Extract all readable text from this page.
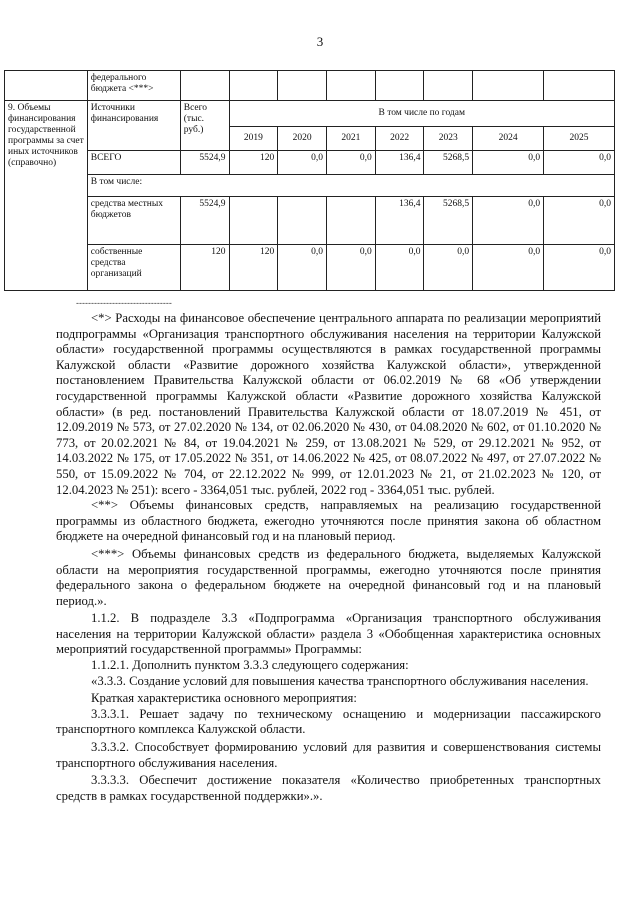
3
	федерального бюджета <***>								
9. Объемы финансирования государственной программы за счет иных источников (справочно)	Источники финансирования	Всего (тыс. руб.)	В том числе по годам						
			2019	2020	2021	2022	2023	2024	2025
	ВСЕГО	5524,9	120	0,0	0,0	136,4	5268,5	0,0	0,0
	В том числе:								
	средства местных бюджетов	5524,9				136,4	5268,5	0,0	0,0
	собственные средства организаций	120	120	0,0	0,0	0,0	0,0	0,0	0,0
--------------------------------

<*> Расходы на финансовое обеспечение центрального аппарата по реализации мероприятий подпрограммы «Организация транспортного обслуживания населения на территории Калужской области» государственной программы осуществляются в рамках государственной программы Калужской области «Развитие дорожного хозяйства Калужской области», утвержденной постановлением Правительства Калужской области от 06.02.2019 № 68 «Об утверждении государственной программы Калужской области «Развитие дорожного хозяйства Калужской области» (в ред. постановлений Правительства Калужской области от 18.07.2019 № 451, от 12.09.2019 № 573, от 27.02.2020 № 134, от 02.06.2020 № 430, от 04.08.2020 № 602, от 01.10.2020 № 773, от 20.02.2021 № 84, от 19.04.2021 № 259, от 13.08.2021 № 529, от 29.12.2021 № 952, от 14.03.2022 № 175, от 17.05.2022 № 351, от 14.06.2022 № 425, от 08.07.2022 № 497, от 27.07.2022 № 550, от 15.09.2022 № 704, от 22.12.2022 № 999, от 12.01.2023 № 21, от 21.02.2023 № 120, от 12.04.2023 № 251): всего - 3364,051 тыс. рублей, 2022 год - 3364,051 тыс. рублей.

<**> Объемы финансовых средств, направляемых на реализацию государственной программы из областного бюджета, ежегодно уточняются после принятия закона об областном бюджете на очередной финансовый год и на плановый период.

<***> Объемы финансовых средств из федерального бюджета, выделяемых Калужской области на мероприятия государственной программы, ежегодно уточняются после принятия федерального закона о федеральном бюджете на очередной финансовый год и на плановый период.».

1.1.2. В подразделе 3.3 «Подпрограмма «Организация транспортного обслуживания населения на территории Калужской области» раздела 3 «Обобщенная характеристика основных мероприятий государственной программы» Программы:

1.1.2.1. Дополнить пунктом 3.3.3 следующего содержания:

«3.3.3. Создание условий для повышения качества транспортного обслуживания населения.

Краткая характеристика основного мероприятия:

3.3.3.1. Решает задачу по техническому оснащению и модернизации пассажирского транспортного комплекса Калужской области.

3.3.3.2. Способствует формированию условий для развития и совершенствования системы транспортного обслуживания населения.

3.3.3.3. Обеспечит достижение показателя «Количество приобретенных транспортных средств в рамках государственной поддержки».».
